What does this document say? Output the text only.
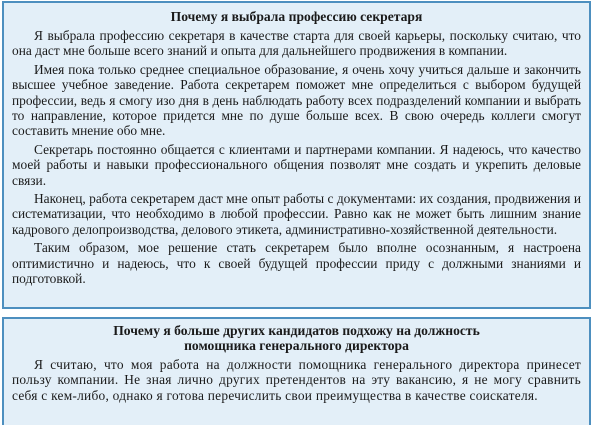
Почему я выбрала профессию секретаря

Я выбрала профессию секретаря в качестве старта для своей карьеры, поскольку считаю, что она даст мне больше всего знаний и опыта для дальнейшего продвижения в компании.

Имея пока только среднее специальное образование, я очень хочу учиться дальше и закончить высшее учебное заведение. Работа секретарем поможет мне определиться с выбором будущей профессии, ведь я смогу изо дня в день наблюдать работу всех подразделений компании и выбрать то направление, которое придется мне по душе больше всех. В свою очередь коллеги смогут составить мнение обо мне.

Секретарь постоянно общается с клиентами и партнерами компании. Я надеюсь, что качество моей работы и навыки профессионального общения позволят мне создать и укрепить деловые связи.

Наконец, работа секретарем даст мне опыт работы с документами: их создания, продвижения и систематизации, что необходимо в любой профессии. Равно как не может быть лишним знание кадрового делопроизводства, делового этикета, административно-хозяйственной деятельности.

Таким образом, мое решение стать секретарем было вполне осознанным, я настроена оптимистично и надеюсь, что к своей будущей профессии приду с должными знаниями и подготовкой.

Почему я больше других кандидатов подхожу на должность
помощника генерального директора

Я считаю, что моя работа на должности помощника генерального директора принесет пользу компании. Не зная лично других претендентов на эту вакансию, я не могу сравнить себя с кем-либо, однако я готова перечислить свои преимущества в качестве соискателя.
